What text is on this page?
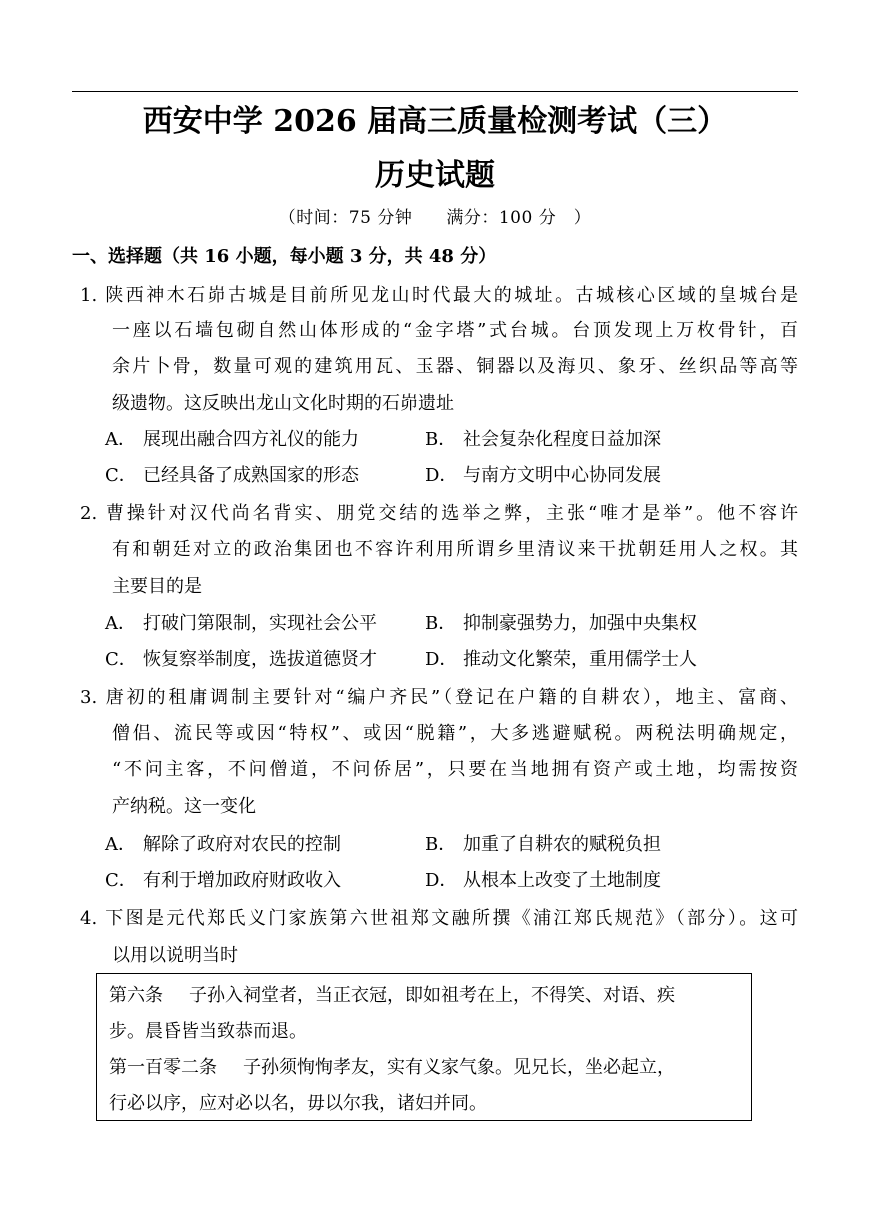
西安中学 2026 届高三质量检测考试（三）
历史试题
（时间：75 分钟 满分：100 分　）
一、选择题（共 16 小题，每小题 3 分，共 48 分）
1. 陕西神木石峁古城是目前所见龙山时代最大的城址。古城核心区域的皇城台是
一座以石墙包砌自然山体形成的“金字塔”式台城。台顶发现上万枚骨针，百
余片卜骨，数量可观的建筑用瓦、玉器、铜器以及海贝、象牙、丝织品等高等
级遗物。这反映出龙山文化时期的石峁遗址
A． 展现出融合四方礼仪的能力	B． 社会复杂化程度日益加深
C． 已经具备了成熟国家的形态	D． 与南方文明中心协同发展
2. 曹操针对汉代尚名背实、朋党交结的选举之弊，主张“唯才是举”。他不容许
有和朝廷对立的政治集团也不容许利用所谓乡里清议来干扰朝廷用人之权。其
主要目的是
A． 打破门第限制，实现社会公平	B． 抑制豪强势力，加强中央集权
C． 恢复察举制度，选拔道德贤才	D． 推动文化繁荣，重用儒学士人
3. 唐初的租庸调制主要针对“编户齐民”（登记在户籍的自耕农），地主、富商、
僧侣、流民等或因“特权”、或因“脱籍”，大多逃避赋税。两税法明确规定，
“不问主客，不问僧道，不问侨居”，只要在当地拥有资产或土地，均需按资
产纳税。这一变化
A． 解除了政府对农民的控制	B． 加重了自耕农的赋税负担
C． 有利于增加政府财政收入	D． 从根本上改变了土地制度
4. 下图是元代郑氏义门家族第六世祖郑文融所撰《浦江郑氏规范》（部分）。这可
以用以说明当时
第六条 子孙入祠堂者，当正衣冠，即如祖考在上，不得笑、对语、疾
步。晨昏皆当致恭而退。
第一百零二条 子孙须恂恂孝友，实有义家气象。见兄长，坐必起立，
行必以序，应对必以名，毋以尔我，诸妇并同。
